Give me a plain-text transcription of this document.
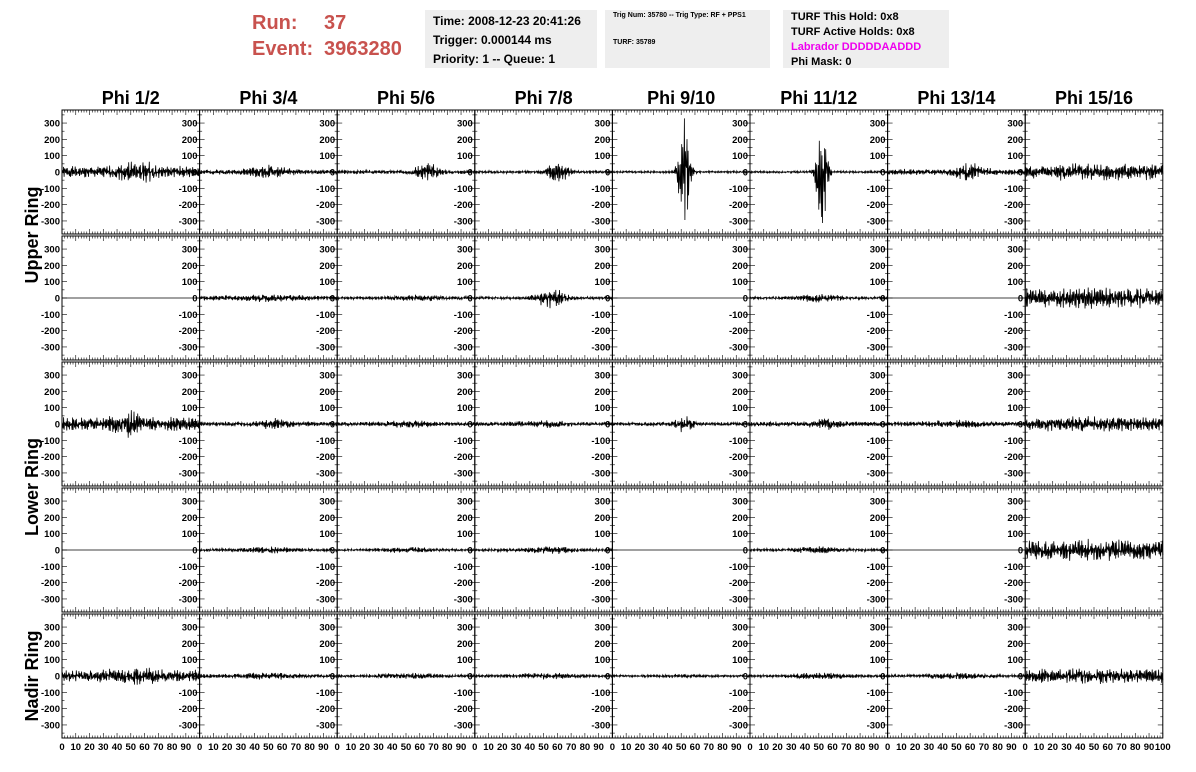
Run: 37
Event: 3963280
Time: 2008-12-23 20:41:26
Trigger: 0.000144 ms
Priority: 1 -- Queue: 1
Trig Num: 35780 -- Trig Type: RF + PPS1
TURF: 35789
TURF This Hold: 0x8
TURF Active Holds: 0x8
Labrador DDDDDAADDD
Phi Mask: 0
Phi 1/2	Phi 3/4	Phi 5/6	Phi 7/8	Phi 9/10	Phi 11/12	Phi 13/14	Phi 15/16
Upper Ring
Lower Ring
Nadir Ring
300
200
100
0
-100
-200
-300
300
200
100
0
-100
-200
-300
300
200
100
0
-100
-200
-300
300
200
100
0
-100
-200
-300
300
200
100
0
-100
-200
-300
300
200
100
0
-100
-200
-300
300
200
100
0
-100
-200
-300
300
200
100
0
-100
-200
-300
300
200
100
0
-100
-200
-300
300
200
100
0
-100
-200
-300
300
200
100
0
-100
-200
-300
300
200
100
0
-100
-200
-300
300
200
100
0
-100
-200
-300
300
200
100
0
-100
-200
-300
300
200
100
0
-100
-200
-300
300
200
100
0
-100
-200
-300
300
200
100
0
-100
-200
-300
300
200
100
0
-100
-200
-300
300
200
100
0
-100
-200
-300
300
200
100
0
-100
-200
-300
300
200
100
0
-100
-200
-300
300
200
100
0
-100
-200
-300
300
200
100
0
-100
-200
-300
300
200
100
0
-100
-200
-300
300
200
100
0
-100
-200
-300
300
200
100
0
-100
-200
-300
300
200
100
0
-100
-200
-300
300
200
100
0
-100
-200
-300
300
200
100
0
-100
-200
-300
300
200
100
0
-100
-200
-300
300
200
100
0
-100
-200
-300
300
200
100
0
-100
-200
-300
300
200
100
0
-100
-200
-300
300
200
100
0
-100
-200
-300
300
200
100
0
-100
-200
-300
300
200
100
0
-100
-200
-300
300
200
100
0
-100
-200
-300
300
200
100
0
-100
-200
-300
300
200
100
0
-100
-200
-300
300
200
100
0
-100
-200
-300
0 10 20 30 40 50 60 70 80 90 0 10 20 30 40 50 60 70 80 90 0 10 20 30 40 50 60 70 80 90 0 10 20 30 40 50 60 70 80 90 0 10 20 30 40 50 60 70 80 90 0 10 20 30 40 50 60 70 80 90 0 10 20 30 40 50 60 70 80 90 0 10 20 30 40 50 60 70 80 90 100
